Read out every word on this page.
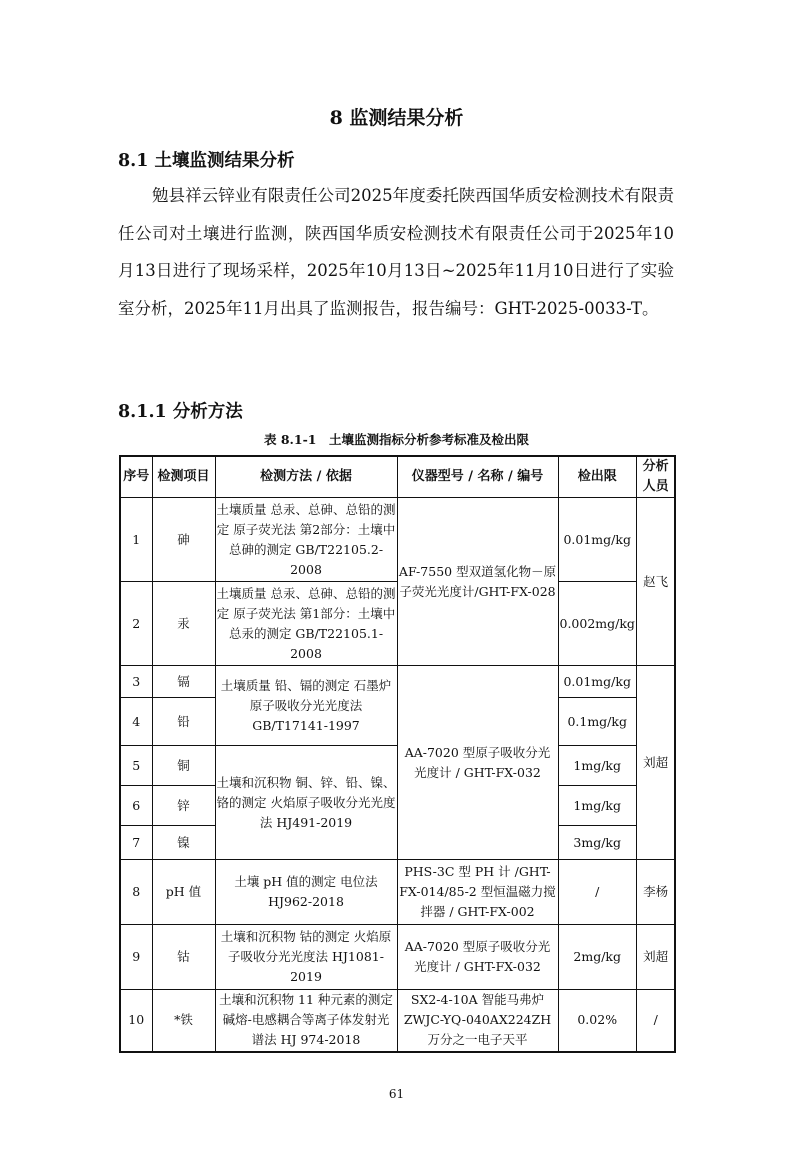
8 监测结果分析
8.1 土壤监测结果分析
勉县祥云锌业有限责任公司2025年度委托陕西国华质安检测技术有限责任公司对土壤进行监测，陕西国华质安检测技术有限责任公司于2025年10月13日进行了现场采样，2025年10月13日~2025年11月10日进行了实验室分析，2025年11月出具了监测报告，报告编号：GHT-2025-0033-T。
8.1.1 分析方法
表 8.1-1　土壤监测指标分析参考标准及检出限
序号	检测项目	检测方法 / 依据	仪器型号 / 名称 / 编号	检出限	分析人员
1	砷	土壤质量 总汞、总砷、总铅的测定 原子荧光法 第2部分：土壤中总砷的测定 GB/T22105.2-2008	AF-7550 型双道氢化物－原子荧光光度计/GHT-FX-028	0.01mg/kg	赵飞
2	汞	土壤质量 总汞、总砷、总铅的测定 原子荧光法 第1部分：土壤中总汞的测定 GB/T22105.1-2008		0.002mg/kg	
3	镉	土壤质量 铅、镉的测定 石墨炉原子吸收分光光度法 GB/T17141-1997	AA-7020 型原子吸收分光光度计 / GHT-FX-032	0.01mg/kg	刘超
4	铅			0.1mg/kg	
5	铜	土壤和沉积物 铜、锌、铅、镍、铬的测定 火焰原子吸收分光光度法 HJ491-2019		1mg/kg	
6	锌			1mg/kg	
7	镍			3mg/kg	
8	pH 值	土壤 pH 值的测定 电位法 HJ962-2018	PHS-3C 型 PH 计 /GHT-FX-014/85-2 型恒温磁力搅拌器 / GHT-FX-002	/	李杨
9	钴	土壤和沉积物 钴的测定 火焰原子吸收分光光度法 HJ1081-2019	AA-7020 型原子吸收分光光度计 / GHT-FX-032	2mg/kg	刘超
10	*铁	土壤和沉积物 11 种元素的测定 碱熔-电感耦合等离子体发射光谱法 HJ 974-2018	SX2-4-10A 智能马弗炉 ZWJC-YQ-040AX224ZH 万分之一电子天平	0.02%	/
61
